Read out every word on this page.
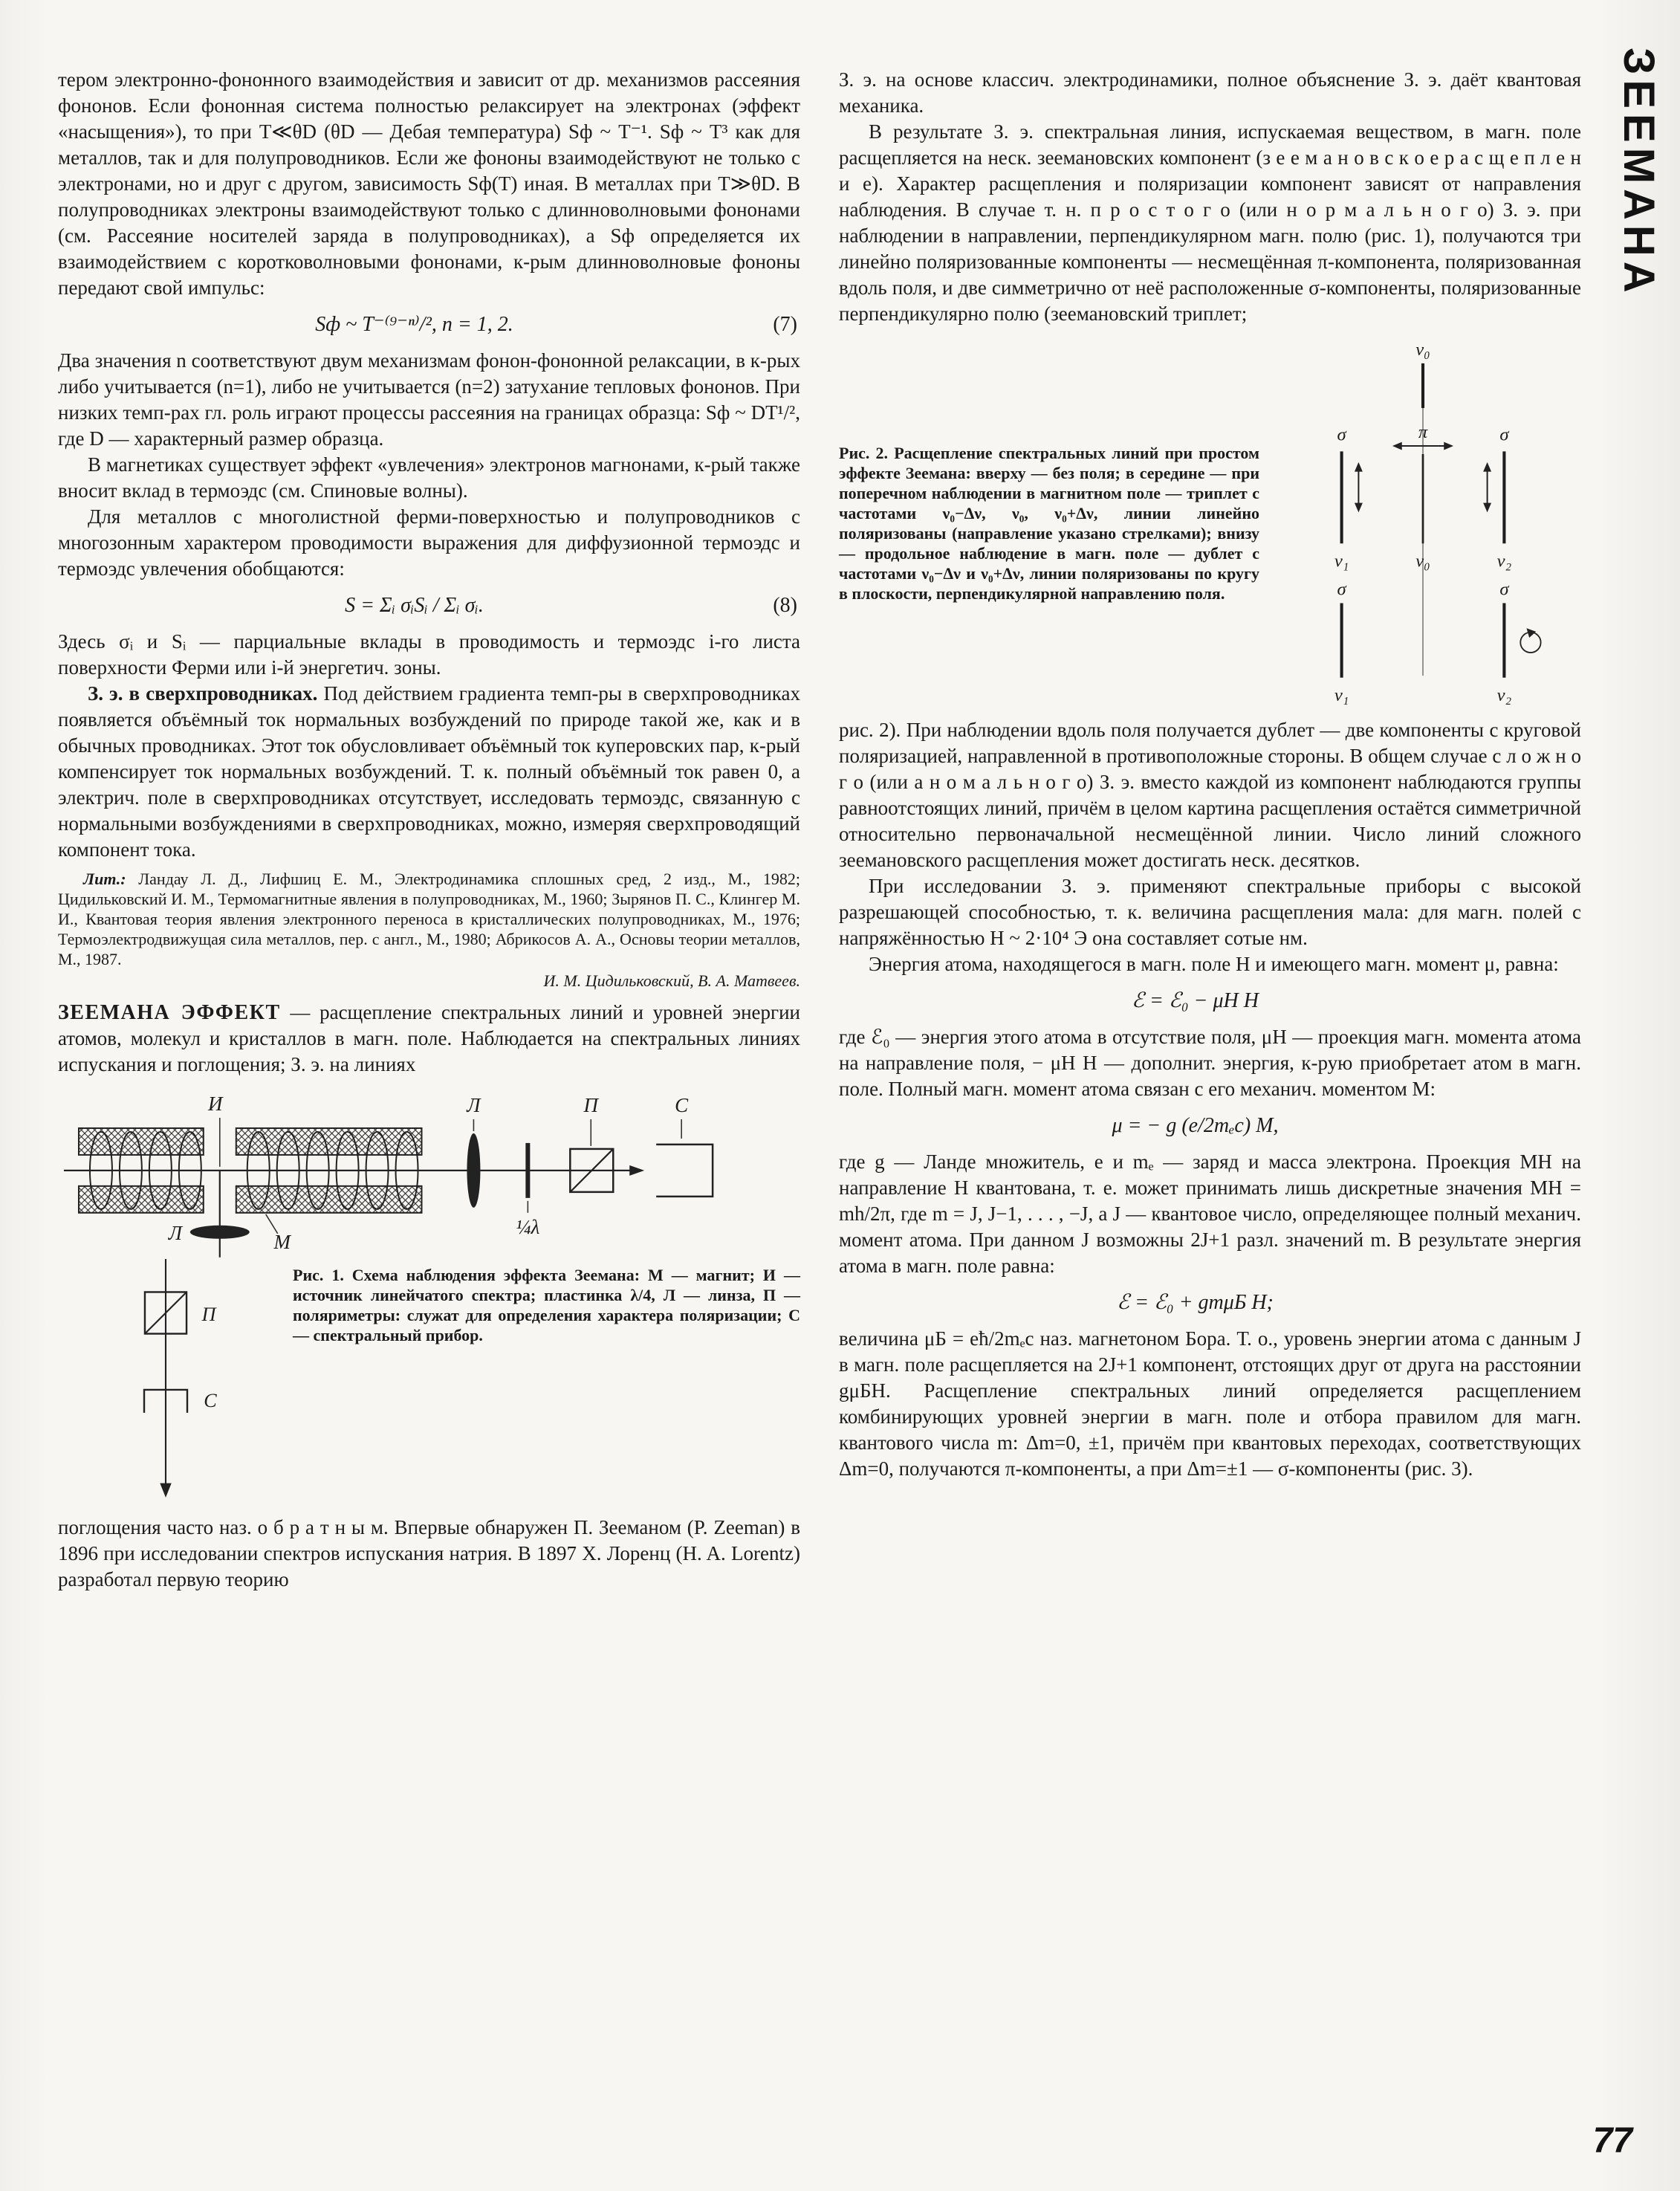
ЗЕЕМАНА
77

тером электронно-фононного взаимодействия и зависит от др. механизмов рассеяния фононов. Если фононная система полностью релаксирует на электронах (эффект «насыщения»), то при T≪θD (θD — Дебая температура) Sф ~ T⁻¹. Sф ~ T³ как для металлов, так и для полупроводников. Если же фононы взаимодействуют не только с электронами, но и друг с другом, зависимость Sф(T) иная. В металлах при T≫θD. В полупроводниках электроны взаимодействуют только с длинноволновыми фононами (см. Рассеяние носителей заряда в полупроводниках), а Sф определяется их взаимодействием с коротковолновыми фононами, к-рым длинноволновые фононы передают свой импульс:

Sф ~ T⁻⁽⁹⁻ⁿ⁾/², n = 1, 2.	(7)

Два значения n соответствуют двум механизмам фонон-фононной релаксации, в к-рых либо учитывается (n=1), либо не учитывается (n=2) затухание тепловых фононов. При низких темп-рах гл. роль играют процессы рассеяния на границах образца: Sф ~ DT¹/², где D — характерный размер образца.

В магнетиках существует эффект «увлечения» электронов магнонами, к-рый также вносит вклад в термоэдс (см. Спиновые волны).

Для металлов с многолистной ферми-поверхностью и полупроводников с многозонным характером проводимости выражения для диффузионной термоэдс и термоэдс увлечения обобщаются:

S = Σᵢ σᵢSᵢ / Σᵢ σᵢ.	(8)

Здесь σᵢ и Sᵢ — парциальные вклады в проводимость и термоэдс i-го листа поверхности Ферми или i-й энергетич. зоны.

З. э. в сверхпроводниках. Под действием градиента темп-ры в сверхпроводниках появляется объёмный ток нормальных возбуждений по природе такой же, как и в обычных проводниках. Этот ток обусловливает объёмный ток куперовских пар, к-рый компенсирует ток нормальных возбуждений. Т. к. полный объёмный ток равен 0, а электрич. поле в сверхпроводниках отсутствует, исследовать термоэдс, связанную с нормальными возбуждениями в сверхпроводниках, можно, измеряя сверхпроводящий компонент тока.

Лит.: Ландау Л. Д., Лифшиц Е. М., Электродинамика сплошных сред, 2 изд., М., 1982; Цидильковский И. М., Термомагнитные явления в полупроводниках, М., 1960; Зырянов П. С., Клингер М. И., Квантовая теория явления электронного переноса в кристаллических полупроводниках, М., 1976; Термоэлектродвижущая сила металлов, пер. с англ., М., 1980; Абрикосов А. А., Основы теории металлов, М., 1987.

И. М. Цидильковский, В. А. Матвеев.

ЗЕЕМАНА ЭФФЕКТ — расщепление спектральных линий и уровней энергии атомов, молекул и кристаллов в магн. поле. Наблюдается на спектральных линиях испускания и поглощения; З. э. на линиях

И
М
Л
Л
¼λ
П	С
П
С
Рис. 1. Схема наблюдения эффекта Зеемана: М — магнит; И — источник линейчатого спектра; пластинка λ/4, Л — линза, П — поляриметры: служат для определения характера поляризации; С — спектральный прибор.

поглощения часто наз. о б р а т н ы м. Впервые обнаружен П. Зееманом (P. Zeeman) в 1896 при исследовании спектров испускания натрия. В 1897 Х. Лоренц (H. A. Lorentz) разработал первую теорию

З. э. на основе классич. электродинамики, полное объяснение З. э. даёт квантовая механика.

В результате З. э. спектральная линия, испускаемая веществом, в магн. поле расщепляется на неск. зеемановских компонент (з е е м а н о в с к о е р а с щ е п л е н и е). Характер расщепления и поляризации компонент зависят от направления наблюдения. В случае т. н. п р о с т о г о (или н о р м а л ь н о г о) З. э. при наблюдении в направлении, перпендикулярном магн. полю (рис. 1), получаются три линейно поляризованные компоненты — несмещённая π-компонента, поляризованная вдоль поля, и две симметрично от неё расположенные σ-компоненты, поляризованные перпендикулярно полю (зеемановский триплет;

Рис. 2. Расщепление спектральных линий при простом эффекте Зеемана: вверху — без поля; в середине — при поперечном наблюдении в магнитном поле — триплет с частотами ν₀−Δν, ν₀, ν₀+Δν, линии линейно поляризованы (направление указано стрелками); внизу — продольное наблюдение в магн. поле — дублет с частотами ν₀−Δν и ν₀+Δν, линии поляризованы по кругу в плоскости, перпендикулярной направлению поля.
ν₀
σ	π	σ
ν₁	ν₀	ν₂
σ	σ
ν₁	ν₂

рис. 2). При наблюдении вдоль поля получается дублет — две компоненты с круговой поляризацией, направленной в противоположные стороны. В общем случае с л о ж н о г о (или а н о м а л ь н о г о) З. э. вместо каждой из компонент наблюдаются группы равноотстоящих линий, причём в целом картина расщепления остаётся симметричной относительно первоначальной несмещённой линии. Число линий сложного зеемановского расщепления может достигать неск. десятков.

При исследовании З. э. применяют спектральные приборы с высокой разрешающей способностью, т. к. величина расщепления мала: для магн. полей с напряжённостью H ~ 2·10⁴ Э она составляет сотые нм.

Энергия атома, находящегося в магн. поле H и имеющего магн. момент μ, равна:

ℰ = ℰ₀ − μH H

где ℰ₀ — энергия этого атома в отсутствие поля, μH — проекция магн. момента атома на направление поля, − μH H — дополнит. энергия, к-рую приобретает атом в магн. поле. Полный магн. момент атома связан с его механич. моментом M:

μ = − g (e/2mₑc) M,

где g — Ланде множитель, e и mₑ — заряд и масса электрона. Проекция MH на направление H квантована, т. е. может принимать лишь дискретные значения MH = mh/2π, где m = J, J−1, . . . , −J, а J — квантовое число, определяющее полный механич. момент атома. При данном J возможны 2J+1 разл. значений m. В результате энергия атома в магн. поле равна:

ℰ = ℰ₀ + gmμБ H;

величина μБ = eħ/2mₑc наз. магнетоном Бора. Т. о., уровень энергии атома с данным J в магн. поле расщепляется на 2J+1 компонент, отстоящих друг от друга на расстоянии gμБH. Расщепление спектральных линий определяется расщеплением комбинирующих уровней энергии в магн. поле и отбора правилом для магн. квантового числа m: Δm=0, ±1, причём при квантовых переходах, соответствующих Δm=0, получаются π-компоненты, а при Δm=±1 — σ-компоненты (рис. 3).
